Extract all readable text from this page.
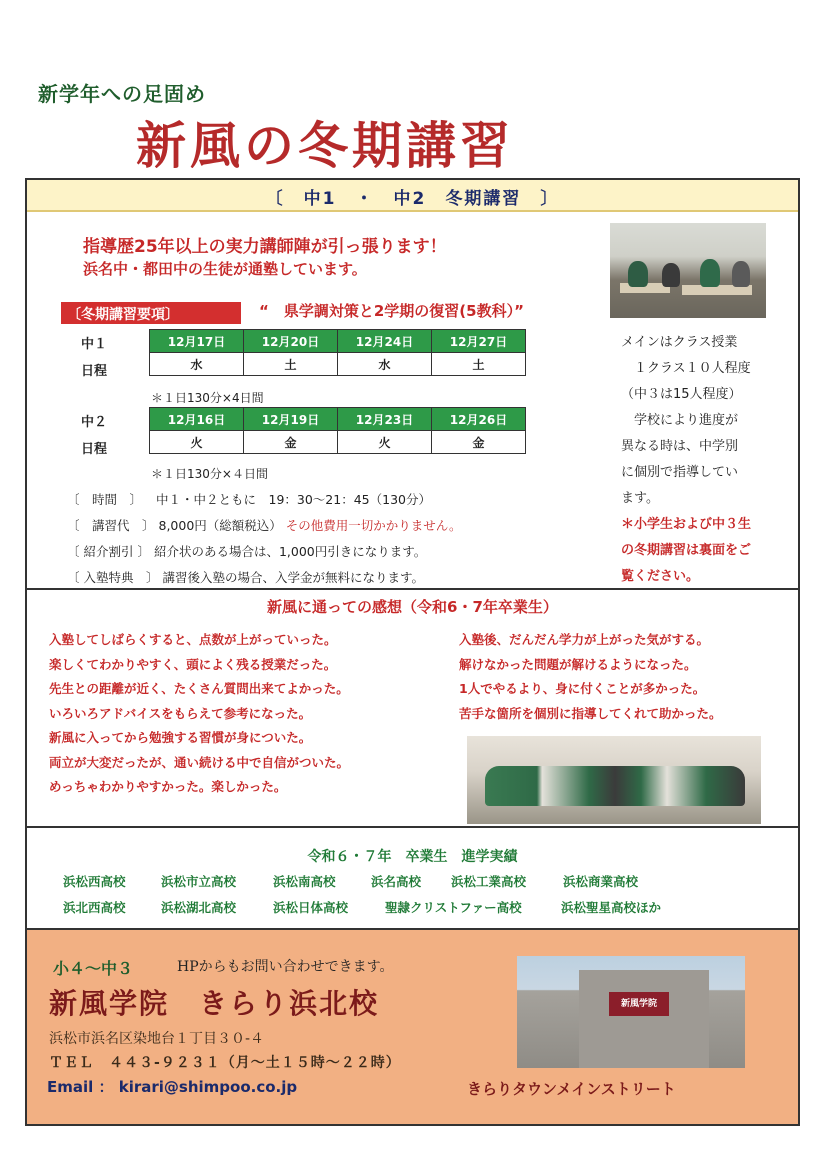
新学年への足固め
新風の冬期講習
〔　中1　・　中2　冬期講習　〕
指導歴25年以上の実力講師陣が引っ張ります！
浜名中・都田中の生徒が通塾しています。
〔冬期講習要項〕	“　県学調対策と2学期の復習(5教科）”
中１
日程
12月17日	12月20日	12月24日	12月27日
水	土	水	土
＊１日130分×4日間
中２
日程
12月16日	12月19日	12月23日	12月26日
火	金	火	金
＊１日130分×４日間
〔　時間　〕 中１・中２ともに　19：30～21：45（130分）
〔　講習代　〕 8,000円（総額税込） その他費用一切かかりません。
〔 紹介割引 〕 紹介状のある場合は、1,000円引きになります。
〔 入塾特典　〕 講習後入塾の場合、入学金が無料になります。
メインはクラス授業
　１クラス１０人程度
（中３は15人程度）
　学校により進度が
異なる時は、中学別
に個別で指導してい
ます。
＊小学生および中３生
の冬期講習は裏面をご
覧ください。
新風に通っての感想（令和6・7年卒業生）
入塾してしばらくすると、点数が上がっていった。
楽しくてわかりやすく、頭によく残る授業だった。
先生との距離が近く、たくさん質問出来てよかった。
いろいろアドバイスをもらえて参考になった。
新風に入ってから勉強する習慣が身についた。
両立が大変だったが、通い続ける中で自信がついた。
めっちゃわかりやすかった。楽しかった。
入塾後、だんだん学力が上がった気がする。
解けなかった問題が解けるようになった。
1人でやるより、身に付くことが多かった。
苦手な箇所を個別に指導してくれて助かった。
令和６・７年　卒業生　進学実績
浜松西高校	浜松市立高校	浜松南高校	浜名高校 浜松工業高校	浜松商業高校
浜北西高校	浜松湖北高校	浜松日体高校	聖隷クリストファー高校	浜松聖星高校ほか
小４～中３	HPからもお問い合わせできます。
新風学院　きらり浜北校
浜松市浜名区染地台１丁目３０-４
ＴＥＬ　４４３-９２３１（月～土１５時～２２時）
Email ： kirari@shimpoo.co.jp
新風学院
きらりタウンメインストリート
